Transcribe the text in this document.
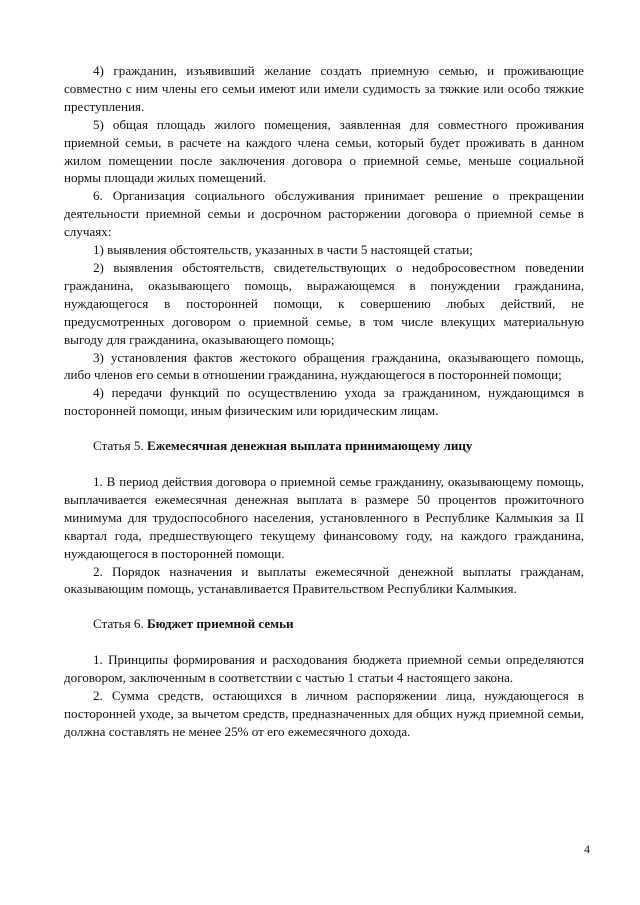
4) гражданин, изъявивший желание создать приемную семью, и проживающие совместно с ним члены его семьи имеют или имели судимость за тяжкие или особо тяжкие преступления.

5) общая площадь жилого помещения, заявленная для совместного проживания приемной семьи, в расчете на каждого члена семьи, который будет проживать в данном жилом помещении после заключения договора о приемной семье, меньше социальной нормы площади жилых помещений.

6. Организация социального обслуживания принимает решение о прекращении деятельности приемной семьи и досрочном расторжении договора о приемной семье в случаях:

1) выявления обстоятельств, указанных в части 5 настоящей статьи;

2) выявления обстоятельств, свидетельствующих о недобросовестном поведении гражданина, оказывающего помощь, выражающемся в понуждении гражданина, нуждающегося в посторонней помощи, к совершению любых действий, не предусмотренных договором о приемной семье, в том числе влекущих материальную выгоду для гражданина, оказывающего помощь;

3) установления фактов жестокого обращения гражданина, оказывающего помощь, либо членов его семьи в отношении гражданина, нуждающегося в посторонней помощи;

4) передачи функций по осуществлению ухода за гражданином, нуждающимся в посторонней помощи, иным физическим или юридическим лицам.

Статья 5. Ежемесячная денежная выплата принимающему лицу

1. В период действия договора о приемной семье гражданину, оказывающему помощь, выплачивается ежемесячная денежная выплата в размере 50 процентов прожиточного минимума для трудоспособного населения, установленного в Республике Калмыкия за II квартал года, предшествующего текущему финансовому году, на каждого гражданина, нуждающегося в посторонней помощи.

2. Порядок назначения и выплаты ежемесячной денежной выплаты гражданам, оказывающим помощь, устанавливается Правительством Республики Калмыкия.

Статья 6. Бюджет приемной семьи

1. Принципы формирования и расходования бюджета приемной семьи определяются договором, заключенным в соответствии с частью 1 статьи 4 настоящего закона.

2. Сумма средств, остающихся в личном распоряжении лица, нуждающегося в посторонней уходе, за вычетом средств, предназначенных для общих нужд приемной семьи, должна составлять не менее 25% от его ежемесячного дохода.

4
